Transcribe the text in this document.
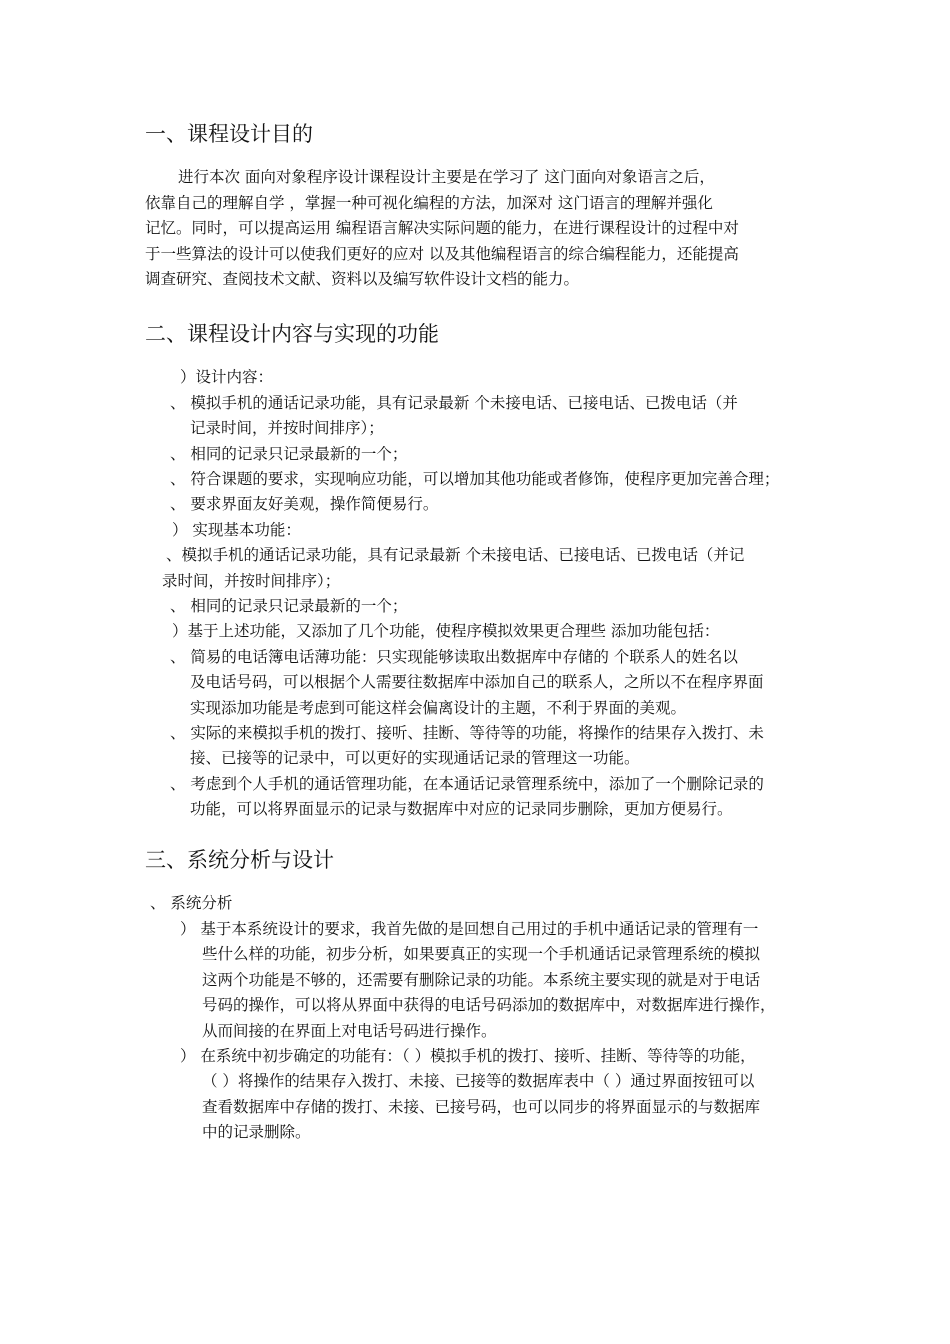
一、课程设计目的
进行本次 面向对象程序设计课程设计主要是在学习了 这门面向对象语言之后，
依靠自己的理解自学 ，掌握一种可视化编程的方法，加深对 这门语言的理解并强化
记忆。同时，可以提高运用 编程语言解决实际问题的能力，在进行课程设计的过程中对
于一些算法的设计可以使我们更好的应对 以及其他编程语言的综合编程能力，还能提高
调查研究、查阅技术文献、资料以及编写软件设计文档的能力。
二、课程设计内容与实现的功能
）设计内容：
、 模拟手机的通话记录功能，具有记录最新 个未接电话、已接电话、已拨电话（并
记录时间，并按时间排序）；
、 相同的记录只记录最新的一个；
、 符合课题的要求，实现响应功能，可以增加其他功能或者修饰，使程序更加完善合理；
、 要求界面友好美观，操作简便易行。
） 实现基本功能：
、模拟手机的通话记录功能，具有记录最新 个未接电话、已接电话、已拨电话（并记
录时间，并按时间排序）；
、 相同的记录只记录最新的一个；
）基于上述功能，又添加了几个功能，使程序模拟效果更合理些 添加功能包括：
、 简易的电话簿电话薄功能：只实现能够读取出数据库中存储的 个联系人的姓名以
及电话号码，可以根据个人需要往数据库中添加自己的联系人，之所以不在程序界面
实现添加功能是考虑到可能这样会偏离设计的主题，不利于界面的美观。
、 实际的来模拟手机的拨打、接听、挂断、等待等的功能，将操作的结果存入拨打、未
接、已接等的记录中，可以更好的实现通话记录的管理这一功能。
、 考虑到个人手机的通话管理功能，在本通话记录管理系统中，添加了一个删除记录的
功能，可以将界面显示的记录与数据库中对应的记录同步删除，更加方便易行。
三、系统分析与设计
、 系统分析
） 基于本系统设计的要求，我首先做的是回想自己用过的手机中通话记录的管理有一
些什么样的功能，初步分析，如果要真正的实现一个手机通话记录管理系统的模拟
这两个功能是不够的，还需要有删除记录的功能。本系统主要实现的就是对于电话
号码的操作，可以将从界面中获得的电话号码添加的数据库中，对数据库进行操作，
从而间接的在界面上对电话号码进行操作。
） 在系统中初步确定的功能有：（ ）模拟手机的拨打、接听、挂断、等待等的功能，
（ ）将操作的结果存入拨打、未接、已接等的数据库表中（ ）通过界面按钮可以
查看数据库中存储的拨打、未接、已接号码，也可以同步的将界面显示的与数据库
中的记录删除。
